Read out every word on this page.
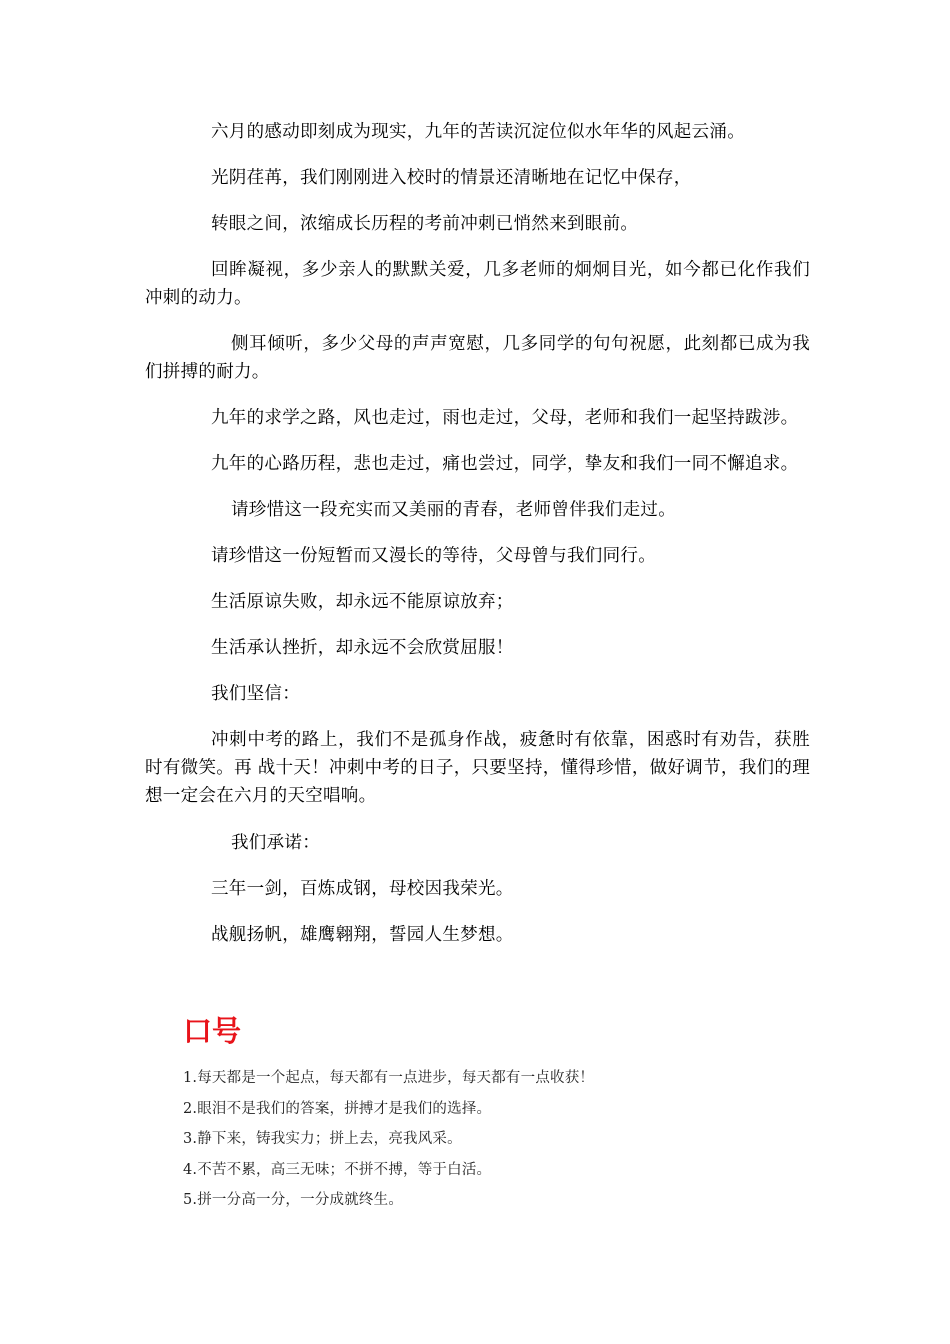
六月的感动即刻成为现实，九年的苦读沉淀位似水年华的风起云涌。

光阴荏苒，我们刚刚进入校时的情景还清晰地在记忆中保存，

转眼之间，浓缩成长历程的考前冲刺已悄然来到眼前。

回眸凝视，多少亲人的默默关爱，几多老师的炯炯目光，如今都已化作我们冲刺的动力。

侧耳倾听，多少父母的声声宽慰，几多同学的句句祝愿，此刻都已成为我们拼搏的耐力。

九年的求学之路，风也走过，雨也走过，父母，老师和我们一起坚持跋涉。

九年的心路历程，悲也走过，痛也尝过，同学，挚友和我们一同不懈追求。

请珍惜这一段充实而又美丽的青春，老师曾伴我们走过。

请珍惜这一份短暂而又漫长的等待，父母曾与我们同行。

生活原谅失败，却永远不能原谅放弃；

生活承认挫折，却永远不会欣赏屈服！

我们坚信：

冲刺中考的路上，我们不是孤身作战，疲惫时有依靠，困惑时有劝告，获胜时有微笑。再 战十天！冲刺中考的日子，只要坚持，懂得珍惜，做好调节，我们的理想一定会在六月的天空唱响。

我们承诺：

三年一剑，百炼成钢，母校因我荣光。

战舰扬帆，雄鹰翱翔，誓园人生梦想。

口号
1.每天都是一个起点，每天都有一点进步，每天都有一点收获！
2.眼泪不是我们的答案，拼搏才是我们的选择。
3.静下来，铸我实力；拼上去，亮我风采。
4.不苦不累，高三无味；不拼不搏，等于白活。
5.拼一分高一分，一分成就终生。
